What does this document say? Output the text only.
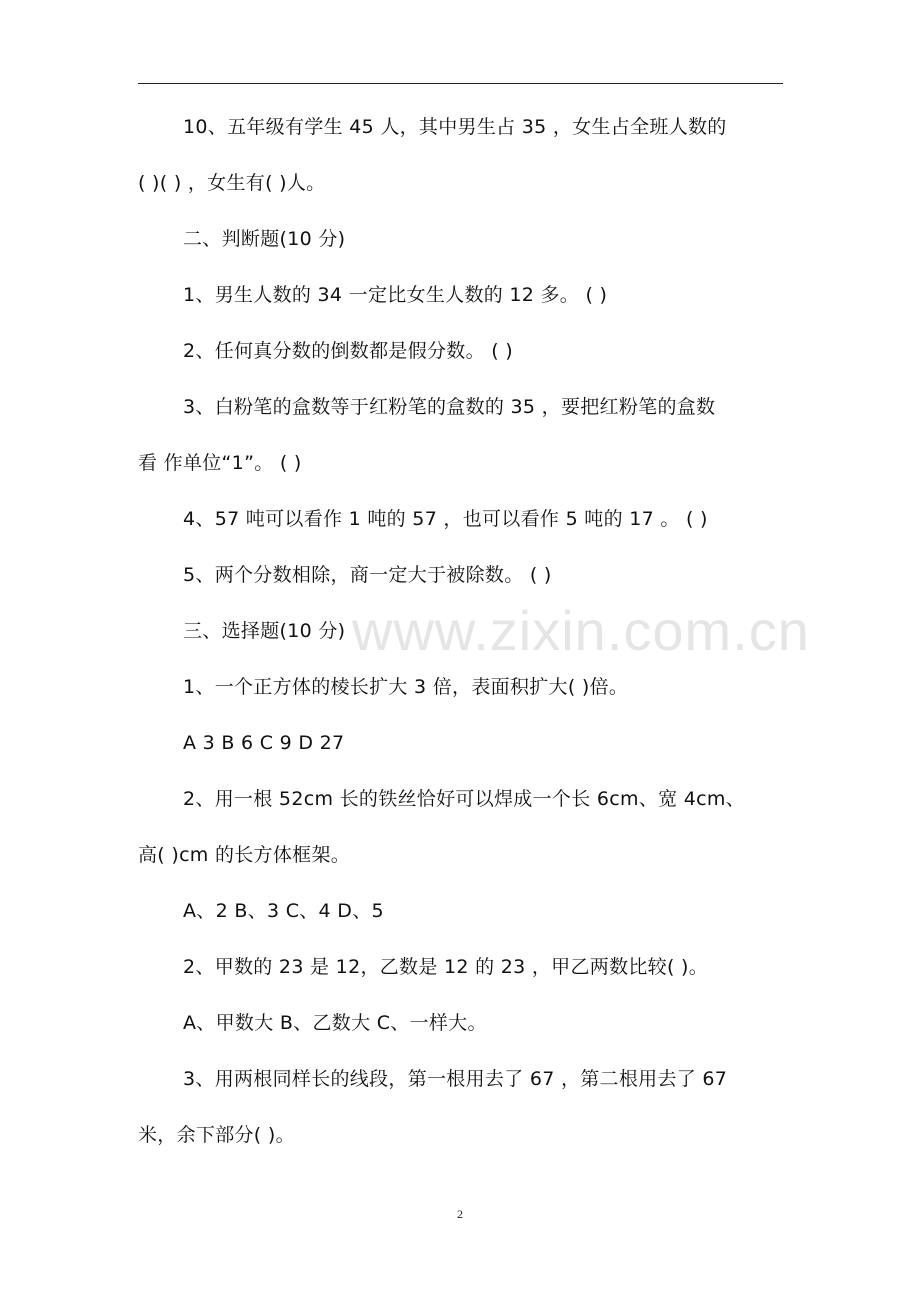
10、五年级有学生 45 人，其中男生占 35 ，女生占全班人数的
( )( ) ，女生有( )人。
二、判断题(10 分)
1、男生人数的 34 一定比女生人数的 12 多。 ( )
2、任何真分数的倒数都是假分数。 ( )
3、白粉笔的盒数等于红粉笔的盒数的 35 ，要把红粉笔的盒数
看 作单位“1”。 ( )
4、57 吨可以看作 1 吨的 57 ，也可以看作 5 吨的 17 。 ( )
5、两个分数相除，商一定大于被除数。 ( )
三、选择题(10 分)
1、一个正方体的棱长扩大 3 倍，表面积扩大( )倍。
A 3 B 6 C 9 D 27
2、用一根 52cm 长的铁丝恰好可以焊成一个长 6cm、宽 4cm、
高( )cm 的长方体框架。
A、2 B、3 C、4 D、5
2、甲数的 23 是 12，乙数是 12 的 23 ，甲乙两数比较( )。
A、甲数大 B、乙数大 C、一样大。
3、用两根同样长的线段，第一根用去了 67 ，第二根用去了 67
米，余下部分( )。
www.zixin.com.cn
2
